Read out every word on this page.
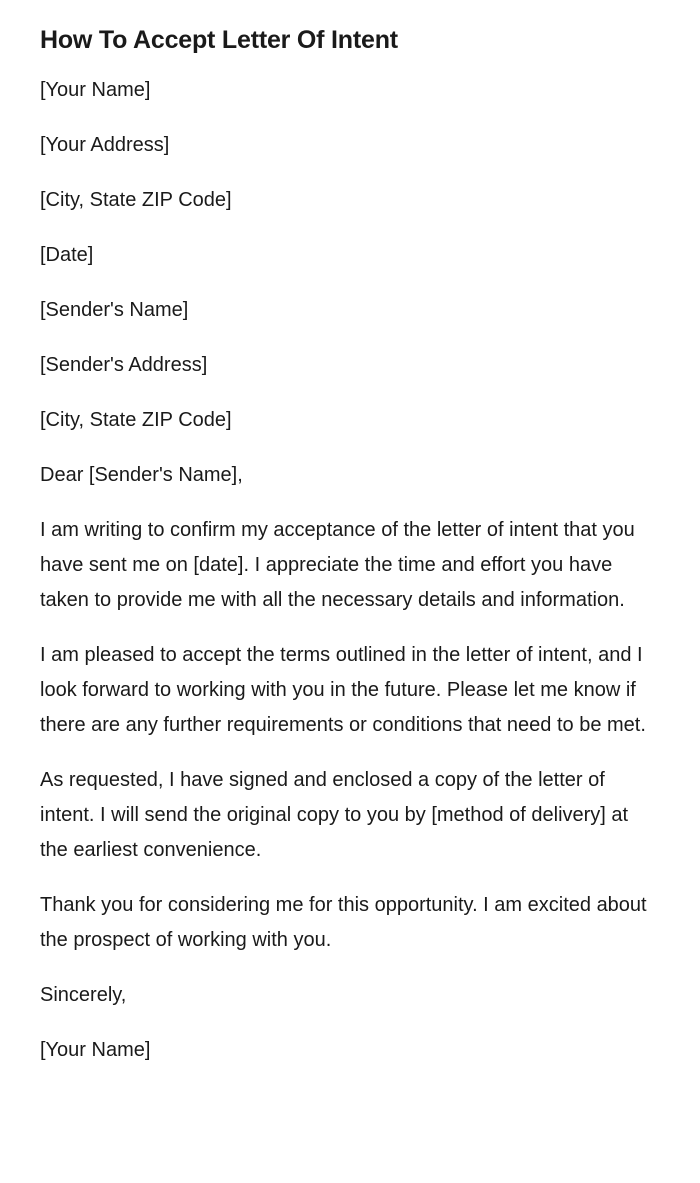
How To Accept Letter Of Intent
[Your Name]
[Your Address]
[City, State ZIP Code]
[Date]
[Sender's Name]
[Sender's Address]
[City, State ZIP Code]
Dear [Sender's Name],

I am writing to confirm my acceptance of the letter of intent that you have sent me on [date]. I appreciate the time and effort you have taken to provide me with all the necessary details and information.

I am pleased to accept the terms outlined in the letter of intent, and I look forward to working with you in the future. Please let me know if there are any further requirements or conditions that need to be met.

As requested, I have signed and enclosed a copy of the letter of intent. I will send the original copy to you by [method of delivery] at the earliest convenience.

Thank you for considering me for this opportunity. I am excited about the prospect of working with you.

Sincerely,
[Your Name]
